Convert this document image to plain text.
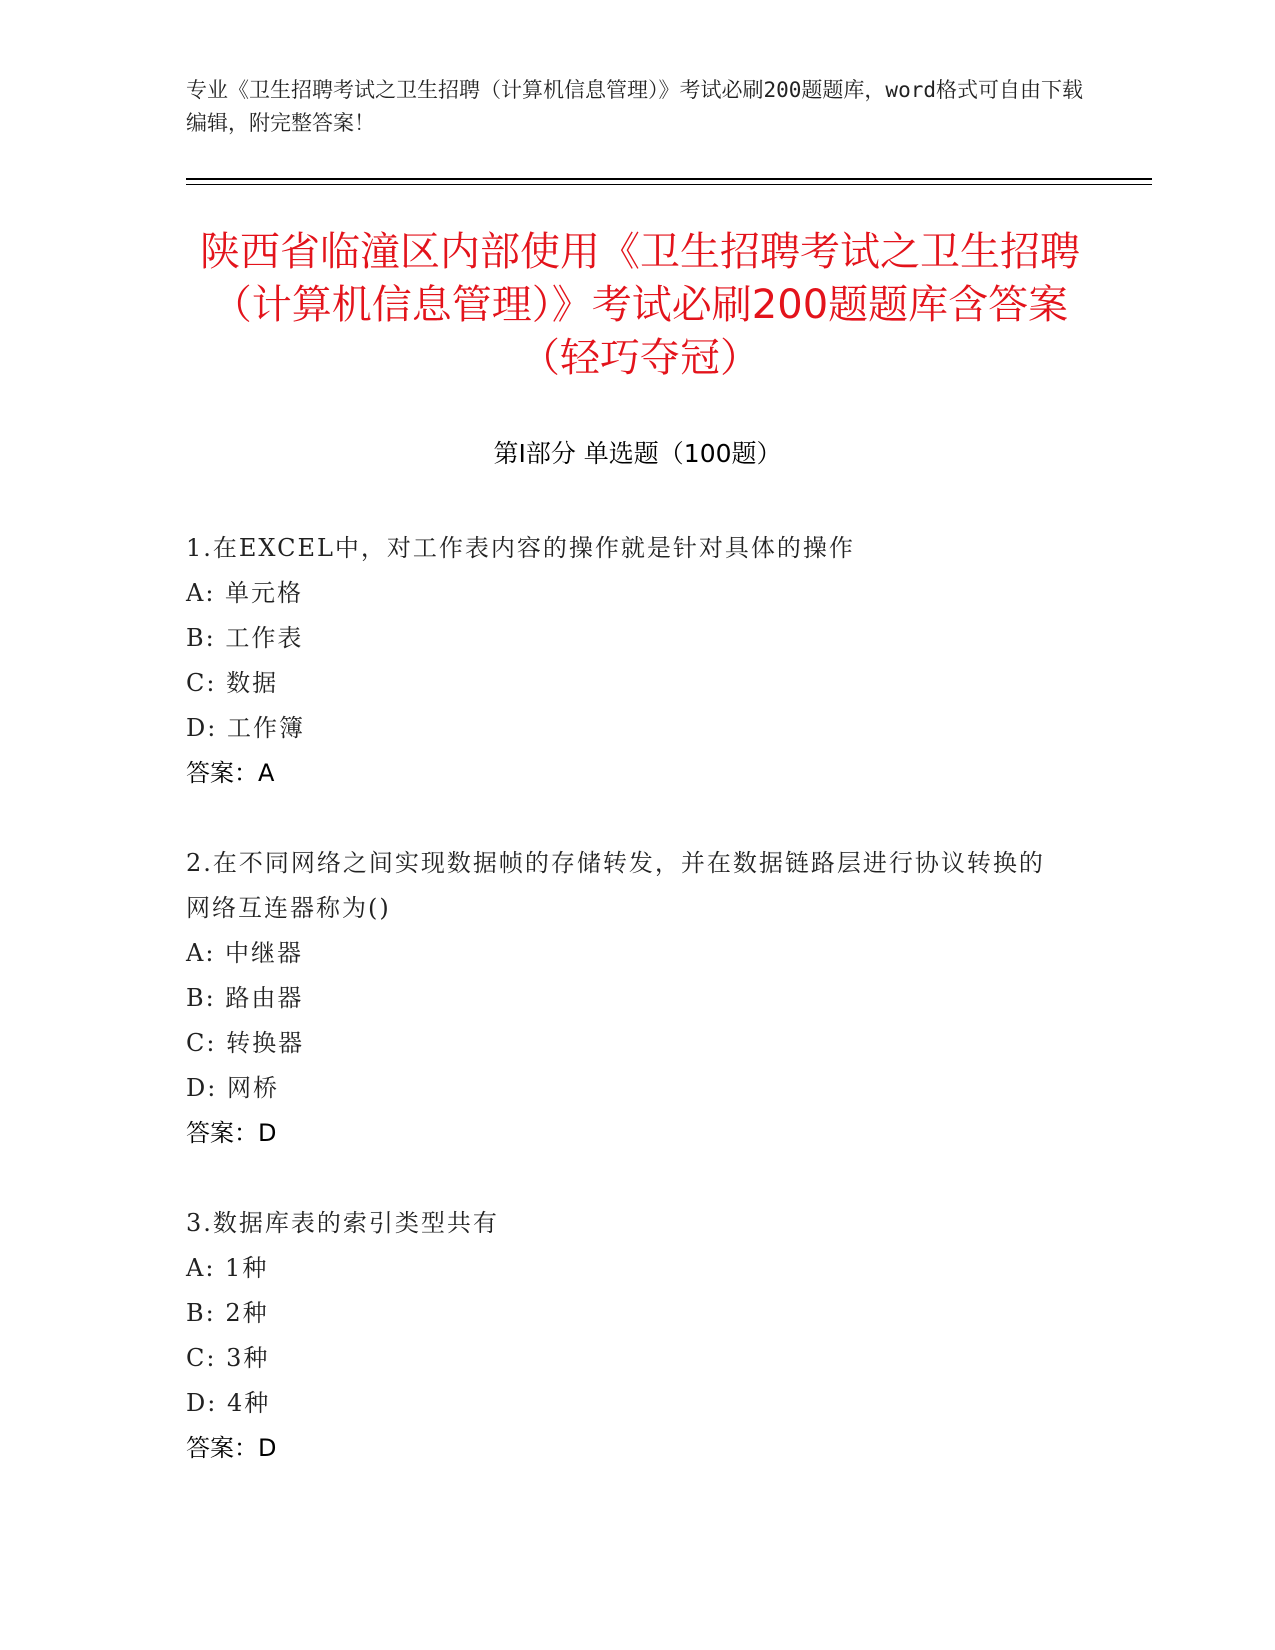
专业《卫生招聘考试之卫生招聘（计算机信息管理）》考试必刷200题题库，word格式可自由下载编辑，附完整答案！
陕西省临潼区内部使用《卫生招聘考试之卫生招聘（计算机信息管理）》考试必刷200题题库含答案（轻巧夺冠）
第Ⅰ部分 单选题（100题）
1.在EXCEL中，对工作表内容的操作就是针对具体的操作
A: 单元格
B: 工作表
C: 数据
D: 工作簿
答案：A
2.在不同网络之间实现数据帧的存储转发，并在数据链路层进行协议转换的网络互连器称为()
A: 中继器
B: 路由器
C: 转换器
D: 网桥
答案：D
3.数据库表的索引类型共有
A: 1种
B: 2种
C: 3种
D: 4种
答案：D
